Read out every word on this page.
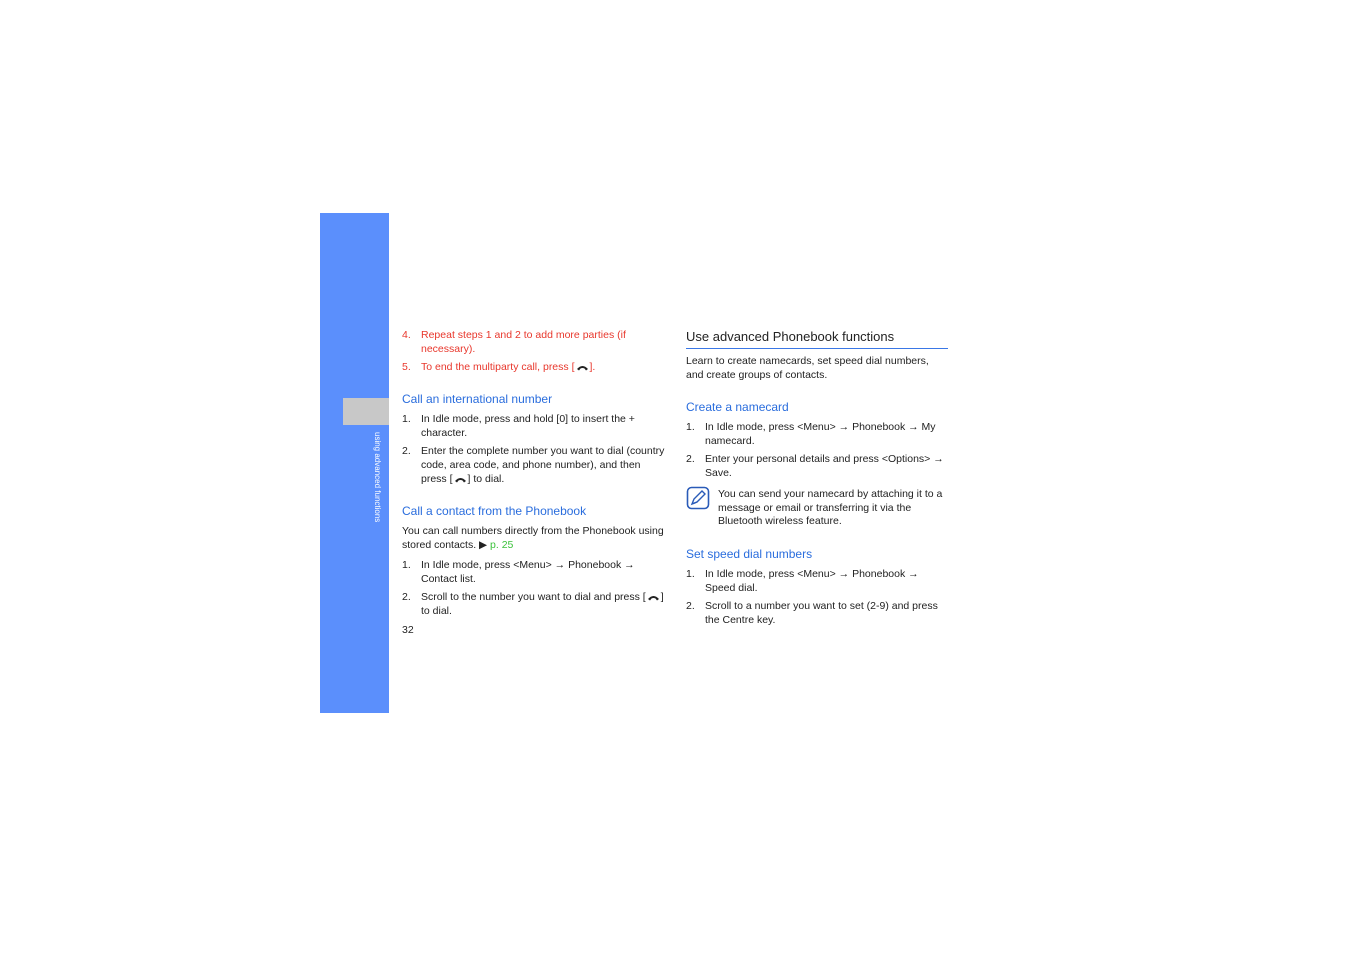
using advanced functions
4. Repeat steps 1 and 2 to add more parties (if necessary).
5. To end the multiparty call, press [ ].
Call an international number
1. In Idle mode, press and hold [0] to insert the + character.
2. Enter the complete number you want to dial (country code, area code, and phone number), and then press [ ] to dial.
Call a contact from the Phonebook
You can call numbers directly from the Phonebook using stored contacts. ▶ p. 25
1. In Idle mode, press <Menu> → Phonebook → Contact list.
2. Scroll to the number you want to dial and press [ ] to dial.
32
Use advanced Phonebook functions
Learn to create namecards, set speed dial numbers, and create groups of contacts.
Create a namecard
1. In Idle mode, press <Menu> → Phonebook → My namecard.
2. Enter your personal details and press <Options> → Save.
You can send your namecard by attaching it to a message or email or transferring it via the Bluetooth wireless feature.
Set speed dial numbers
1. In Idle mode, press <Menu> → Phonebook → Speed dial.
2. Scroll to a number you want to set (2-9) and press the Centre key.
